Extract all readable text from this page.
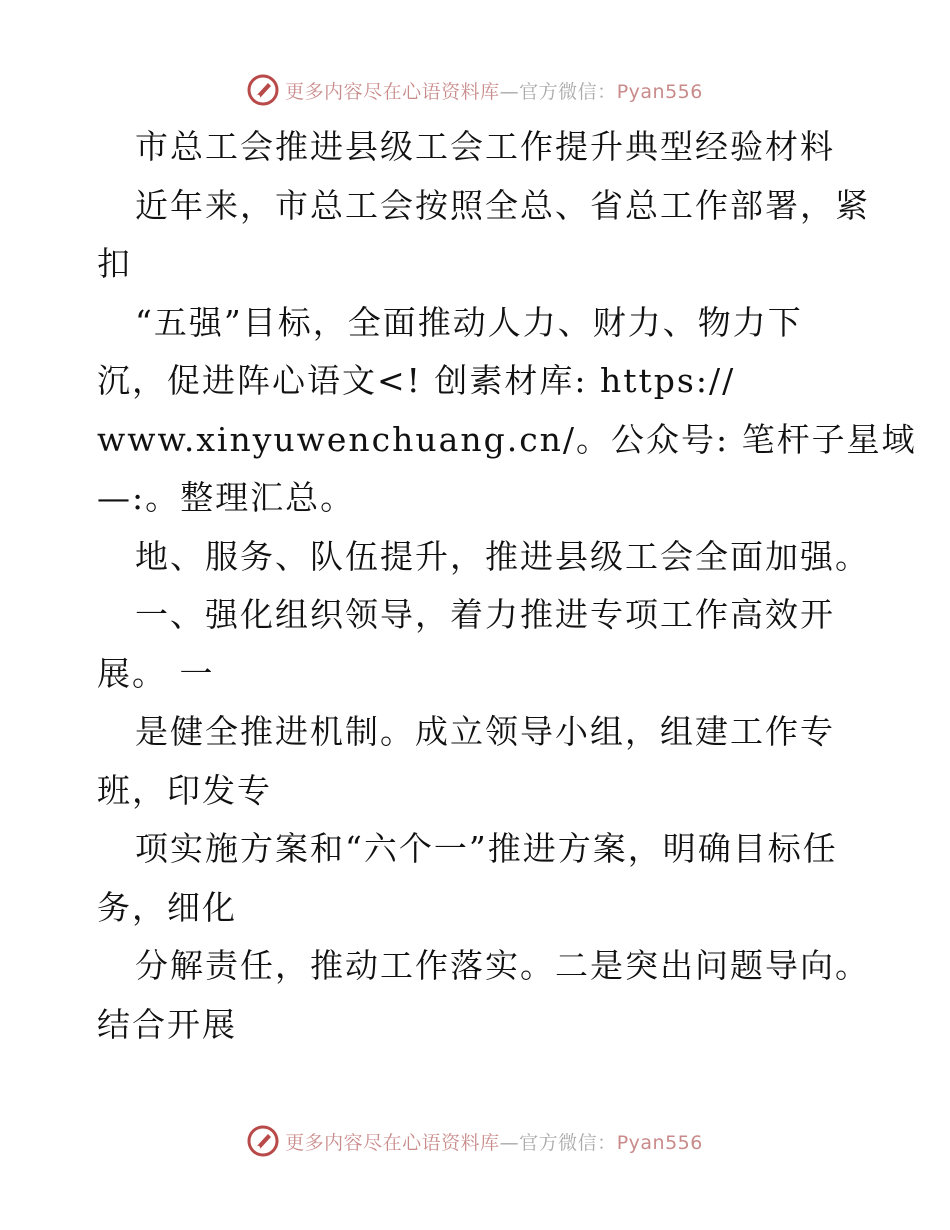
更多内容尽在心语资料库—官方微信：Pyan556
市总工会推进县级工会工作提升典型经验材料
近年来，市总工会按照全总、省总工作部署，紧
扣
“五强”目标，全面推动人力、财力、物力下
沉，促进阵心语文<! 创素材库: https://
www.xinyuwenchuang.cn/。公众号: 笔杆子星域
—:。整理汇总。
地、服务、队伍提升，推进县级工会全面加强。
一、强化组织领导，着力推进专项工作高效开
展。 一
是健全推进机制。成立领导小组，组建工作专
班，印发专
项实施方案和“六个一”推进方案，明确目标任
务，细化
分解责任，推动工作落实。二是突出问题导向。
结合开展
更多内容尽在心语资料库—官方微信：Pyan556
